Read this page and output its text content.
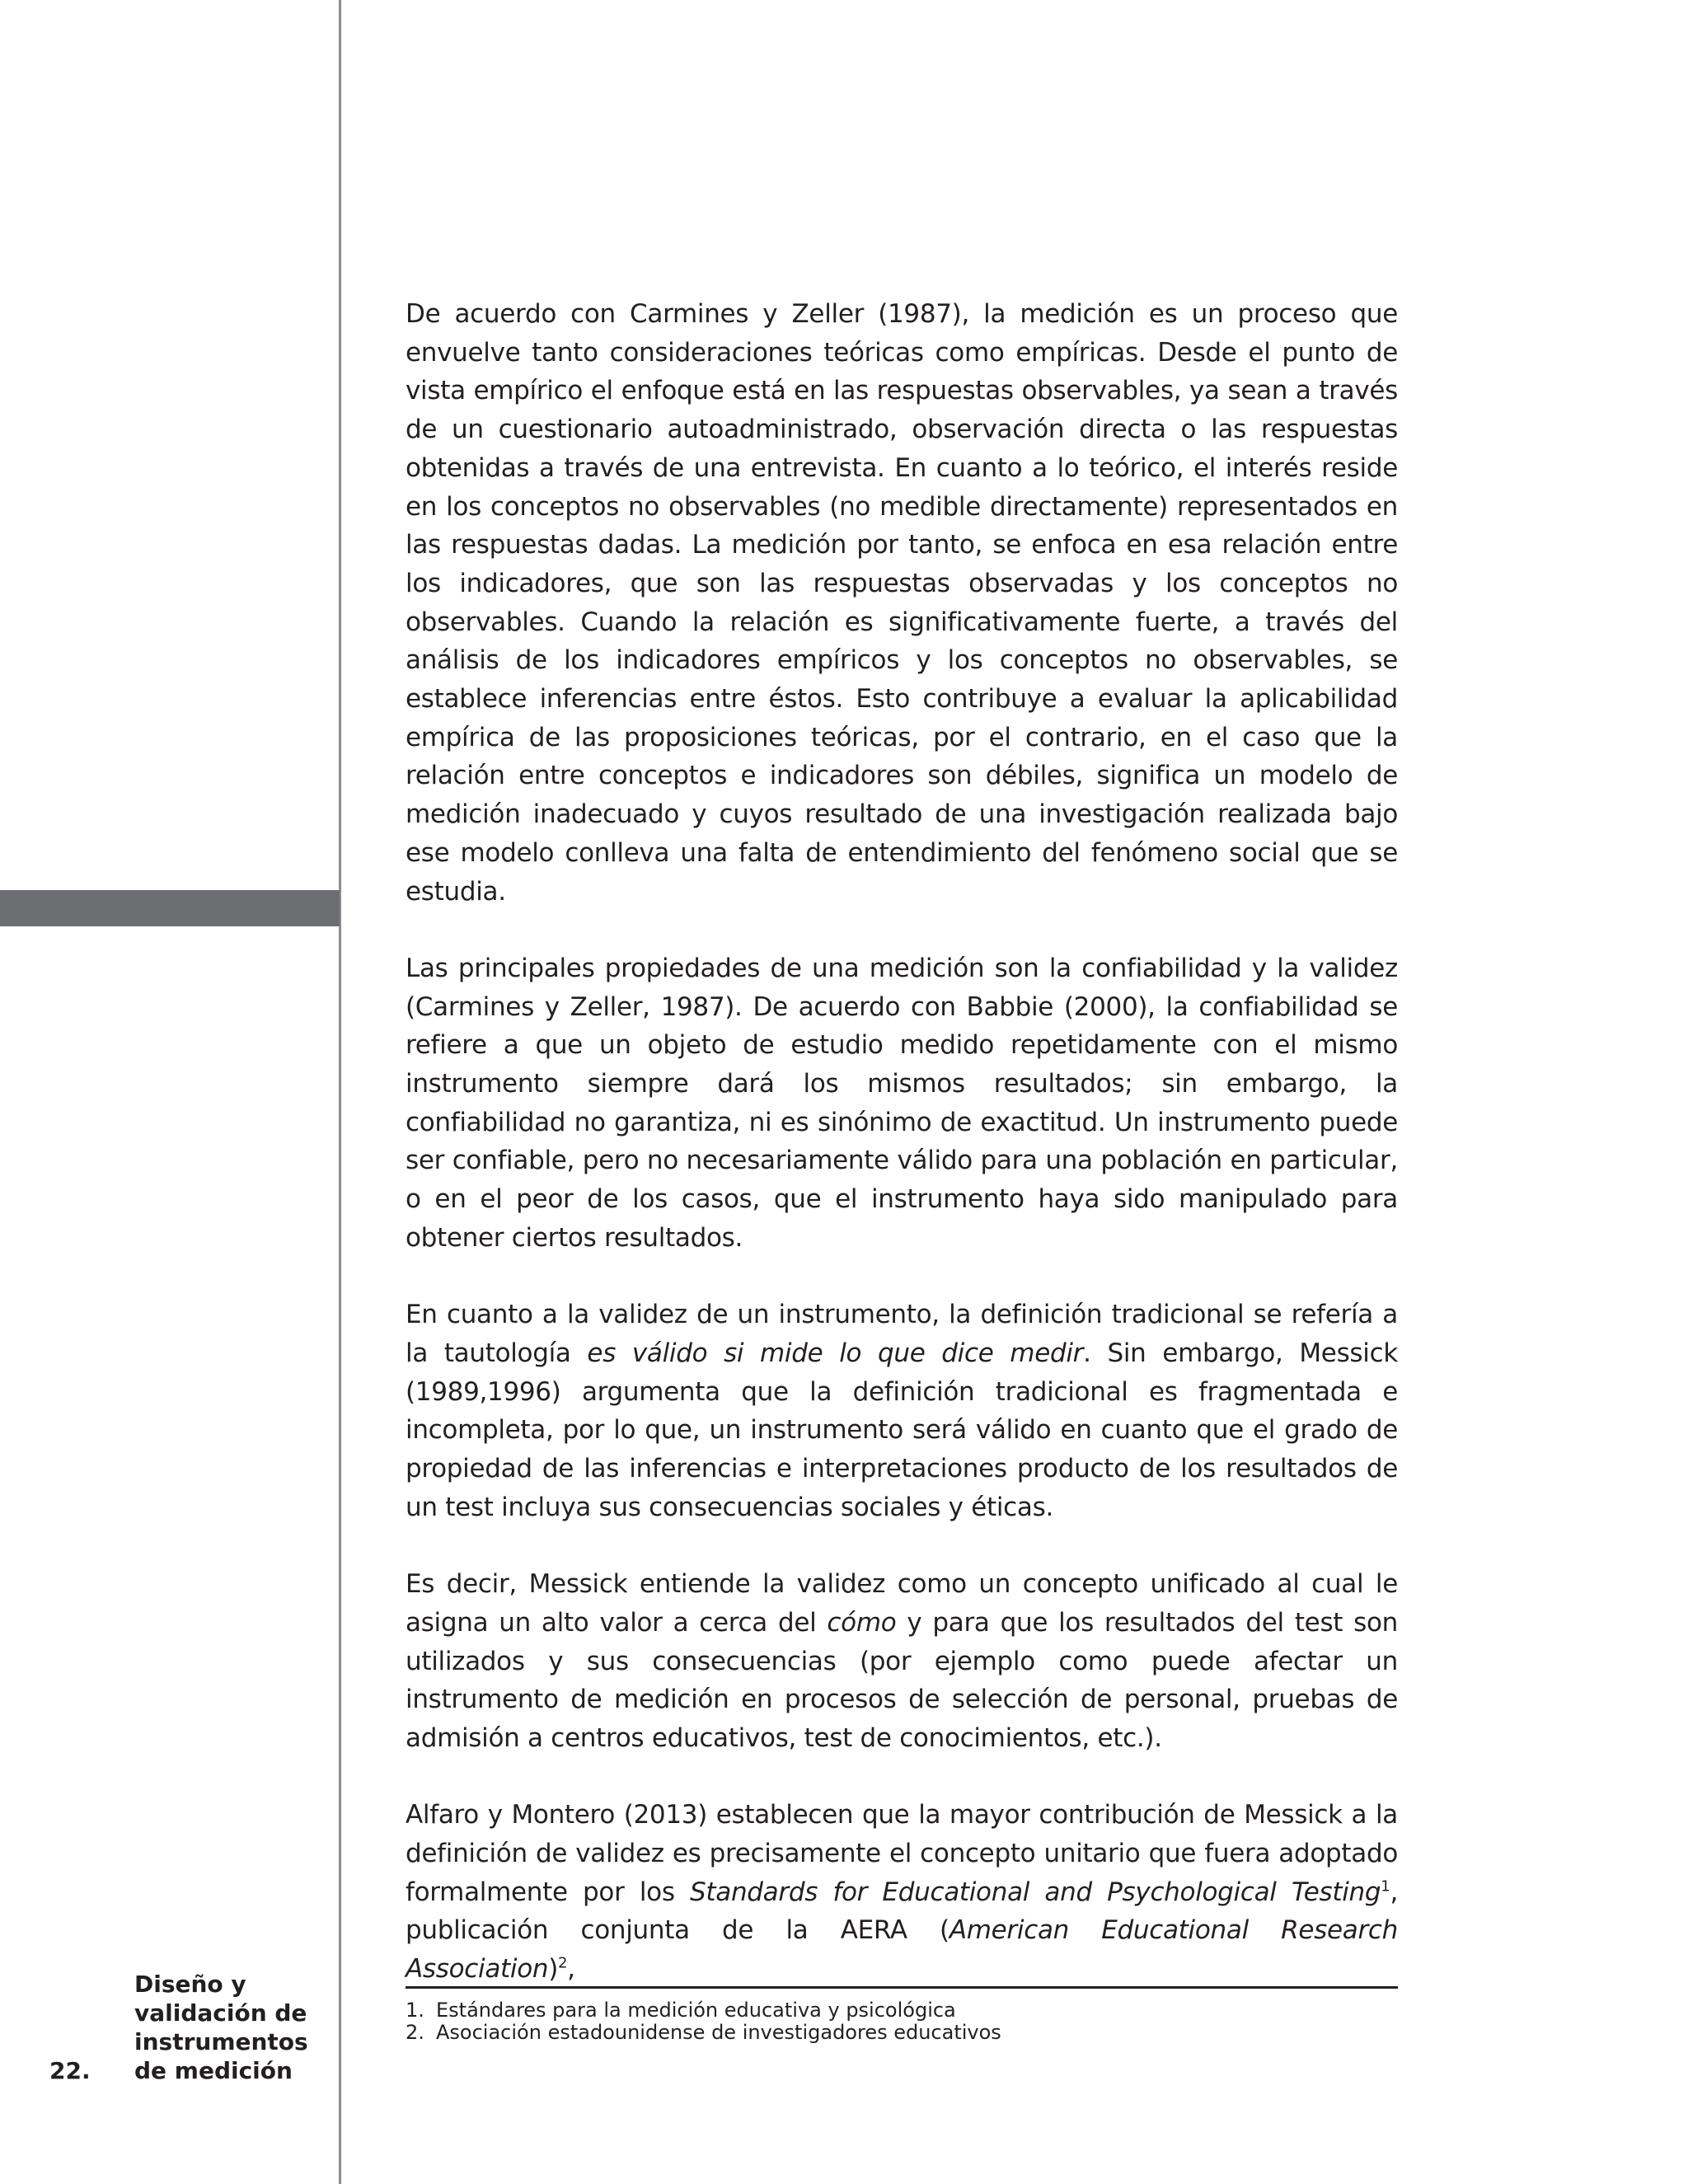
De acuerdo con Carmines y Zeller (1987), la medición es un proceso que envuelve tanto consideraciones teóricas como empíricas. Desde el punto de vista empírico el enfoque está en las respuestas observables, ya sean a través de un cuestionario autoadministrado, observación directa o las respuestas obtenidas a través de una entrevista. En cuanto a lo teórico, el interés reside en los conceptos no observables (no medible directamente) representados en las respuestas dadas. La medición por tanto, se enfoca en esa relación entre los indicadores, que son las respuestas observadas y los conceptos no observables. Cuando la relación es significativamente fuerte, a través del análisis de los indicadores empíricos y los conceptos no observables, se establece inferencias entre éstos. Esto contribuye a evaluar la aplicabilidad empírica de las proposiciones teóricas, por el contrario, en el caso que la relación entre conceptos e indicadores son débiles, significa un modelo de medición inadecuado y cuyos resultado de una investigación realizada bajo ese modelo conlleva una falta de entendimiento del fenómeno social que se estudia.

Las principales propiedades de una medición son la confiabilidad y la validez (Carmines y Zeller, 1987). De acuerdo con Babbie (2000), la confiabilidad se refiere a que un objeto de estudio medido repetidamente con el mismo instrumento siempre dará los mismos resultados; sin embargo, la confiabilidad no garantiza, ni es sinónimo de exactitud. Un instrumento puede ser confiable, pero no necesariamente válido para una población en particular, o en el peor de los casos, que el instrumento haya sido manipulado para obtener ciertos resultados.

En cuanto a la validez de un instrumento, la definición tradicional se refería a la tautología es válido si mide lo que dice medir. Sin embargo, Messick (1989,1996) argumenta que la definición tradicional es fragmentada e incompleta, por lo que, un instrumento será válido en cuanto que el grado de propiedad de las inferencias e interpretaciones producto de los resultados de un test incluya sus consecuencias sociales y éticas.

Es decir, Messick entiende la validez como un concepto unificado al cual le asigna un alto valor a cerca del cómo y para que los resultados del test son utilizados y sus consecuencias (por ejemplo como puede afectar un instrumento de medición en procesos de selección de personal, pruebas de admisión a centros educativos, test de conocimientos, etc.).

Alfaro y Montero (2013) establecen que la mayor contribución de Messick a la definición de validez es precisamente el concepto unitario que fuera adoptado formalmente por los Standards for Educational and Psychological Testing$^1$, publicación conjunta de la AERA (American Educational Research Association)$^2$,

1. Estándares para la medición educativa y psicológica
2. Asociación estadounidense de investigadores educativos
Diseño y
validación de
instrumentos
22. de medición
